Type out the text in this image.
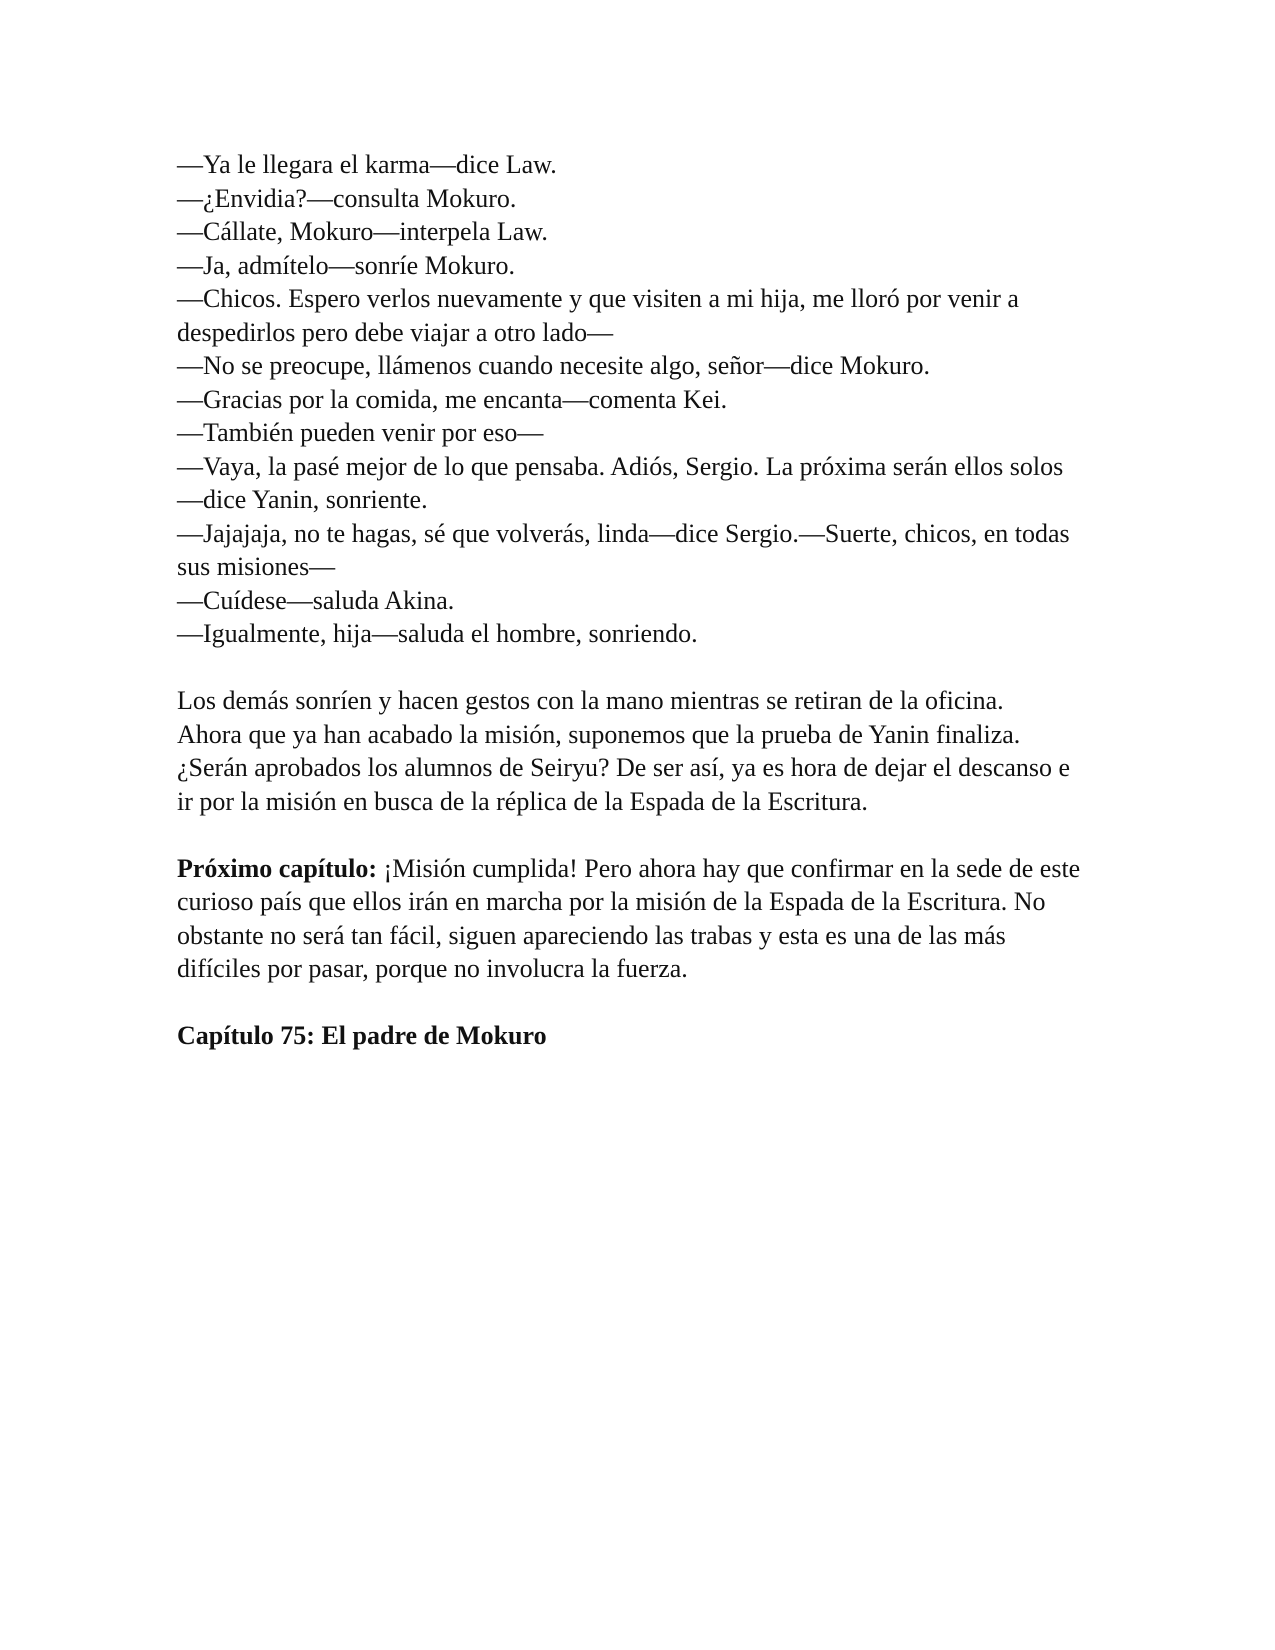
—Ya le llegara el karma—dice Law.

—¿Envidia?—consulta Mokuro.

—Cállate, Mokuro—interpela Law.

—Ja, admítelo—sonríe Mokuro.

—Chicos. Espero verlos nuevamente y que visiten a mi hija, me lloró por venir a despedirlos pero debe viajar a otro lado—

—No se preocupe, llámenos cuando necesite algo, señor—dice Mokuro.

—Gracias por la comida, me encanta—comenta Kei.

—También pueden venir por eso—

—Vaya, la pasé mejor de lo que pensaba. Adiós, Sergio. La próxima serán ellos solos—dice Yanin, sonriente.

—Jajajaja, no te hagas, sé que volverás, linda—dice Sergio.—Suerte, chicos, en todas sus misiones—

—Cuídese—saluda Akina.

—Igualmente, hija—saluda el hombre, sonriendo.

Los demás sonríen y hacen gestos con la mano mientras se retiran de la oficina.

Ahora que ya han acabado la misión, suponemos que la prueba de Yanin finaliza. ¿Serán aprobados los alumnos de Seiryu? De ser así, ya es hora de dejar el descanso e ir por la misión en busca de la réplica de la Espada de la Escritura.

Próximo capítulo: ¡Misión cumplida! Pero ahora hay que confirmar en la sede de este curioso país que ellos irán en marcha por la misión de la Espada de la Escritura. No obstante no será tan fácil, siguen apareciendo las trabas y esta es una de las más difíciles por pasar, porque no involucra la fuerza.

Capítulo 75: El padre de Mokuro
